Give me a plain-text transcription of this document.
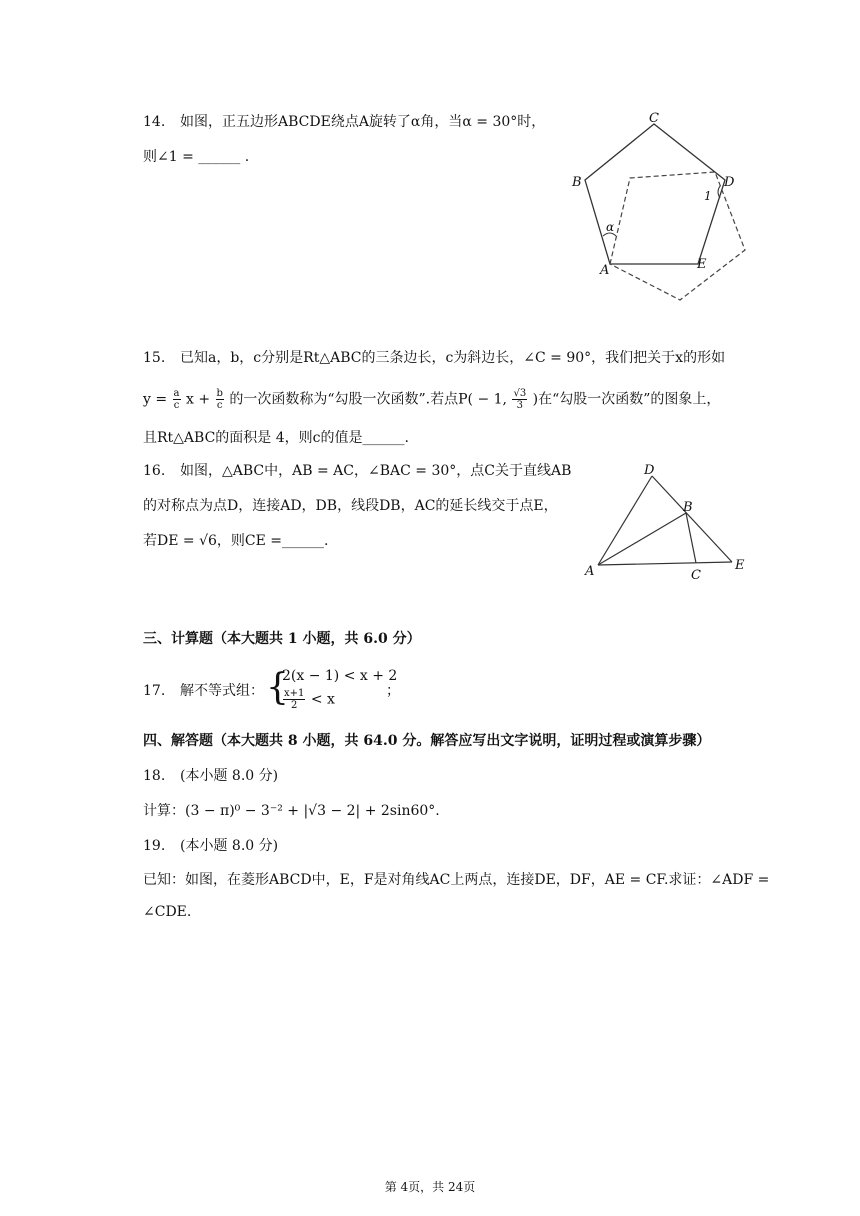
14. 如图，正五边形ABCDE绕点A旋转了α角，当α = 30°时，
则∠1 = ______ .
C
B	D
1
α
A	E
15. 已知a，b，c分别是Rt△ABC的三条边长，c为斜边长，∠C = 90°，我们把关于x的形如
$y = \frac{a}{c}$ $x + \frac{b}{c}$ 的一次函数称为“勾股一次函数”.若点P( − 1, $\frac{√3}{3}$ )在“勾股一次函数”的图象上，
且Rt△ABC的面积是 4，则c的值是______.
16. 如图，△ABC中，AB = AC，∠BAC = 30°，点C关于直线AB
的对称点为点D，连接AD，DB，线段DB，AC的延长线交于点E，
若DE = √6，则CE =______.
D
B
A	C
E
三、计算题（本大题共 1 小题，共 6.0 分）
17. 解不等式组： {
2(x − 1) < x + 2
$\frac{x+1}{2} < x$
；
四、解答题（本大题共 8 小题，共 64.0 分。解答应写出文字说明，证明过程或演算步骤）
18. (本小题 8.0 分)
计算：(3 − π)⁰ − 3⁻² + |√3 − 2| + 2sin60°.
19. (本小题 8.0 分)
已知：如图，在菱形ABCD中，E，F是对角线AC上两点，连接DE，DF，AE = CF.求证：∠ADF =
∠CDE.
第 4页，共 24页
